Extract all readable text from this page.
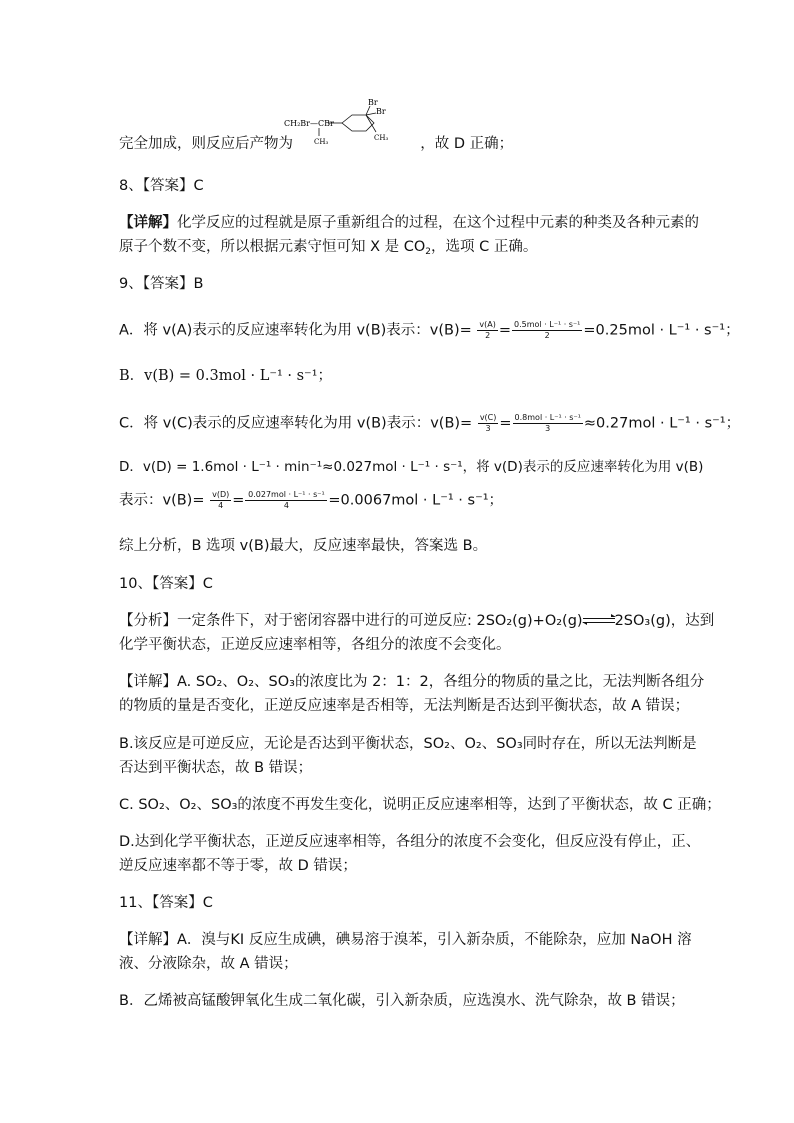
完全加成，则反应后产物为	，故 D 正确；
CH₂Br—CBr
CH₃
Br
Br
CH₃
8、【答案】C
【详解】化学反应的过程就是原子重新组合的过程，在这个过程中元素的种类及各种元素的
原子个数不变，所以根据元素守恒可知 X 是 $CO_2$，选项 C 正确。
9、【答案】B
A．将 v(A)表示的反应速率转化为用 v(B)表示：$v(B)= \frac{v(A)}{2} = \frac{\text{0.5mol · L⁻¹ · s⁻¹}}{2} =0.25mol \cdot L^{-1} \cdot s^{-1}$；
B．v(B) = 0.3mol · L⁻¹ · s⁻¹；
C．将 v(C)表示的反应速率转化为用 v(B)表示：$v(B)= \frac{v(C)}{3} = \frac{\text{0.8mol · L⁻¹ · s⁻¹}}{3} \approx 0.27mol \cdot L^{-1} \cdot s^{-1}$；
D．v(D) = 1.6mol · L⁻¹ · min⁻¹≈0.027mol · L⁻¹ · s⁻¹，将 v(D)表示的反应速率转化为用 v(B)
表示：$v(B)= \frac{v(D)}{4} = \frac{\text{0.027mol · L⁻¹ · s⁻¹}}{4} =0.0067mol \cdot L^{-1} \cdot s^{-1}$；
综上分析，B 选项 v(B)最大，反应速率最快，答案选 B。
10、【答案】C
【分析】一定条件下，对于密闭容器中进行的可逆反应: 2SO₂(g)+O₂(g) 2SO₃(g)，达到
化学平衡状态，正逆反应速率相等，各组分的浓度不会变化。
【详解】A. SO₂、O₂、SO₃的浓度比为 2：1：2，各组分的物质的量之比，无法判断各组分
的物质的量是否变化，正逆反应速率是否相等，无法判断是否达到平衡状态，故 A 错误；
B.该反应是可逆反应，无论是否达到平衡状态，SO₂、O₂、SO₃同时存在，所以无法判断是
否达到平衡状态，故 B 错误；
C. SO₂、O₂、SO₃的浓度不再发生变化，说明正反应速率相等，达到了平衡状态，故 C 正确；
D.达到化学平衡状态，正逆反应速率相等，各组分的浓度不会变化，但反应没有停止，正、
逆反应速率都不等于零，故 D 错误；
11、【答案】C
【详解】A．溴与KI 反应生成碘，碘易溶于溴苯，引入新杂质，不能除杂，应加 NaOH 溶
液、分液除杂，故 A 错误；
B．乙烯被高锰酸钾氧化生成二氧化碳，引入新杂质，应选溴水、洗气除杂，故 B 错误；
